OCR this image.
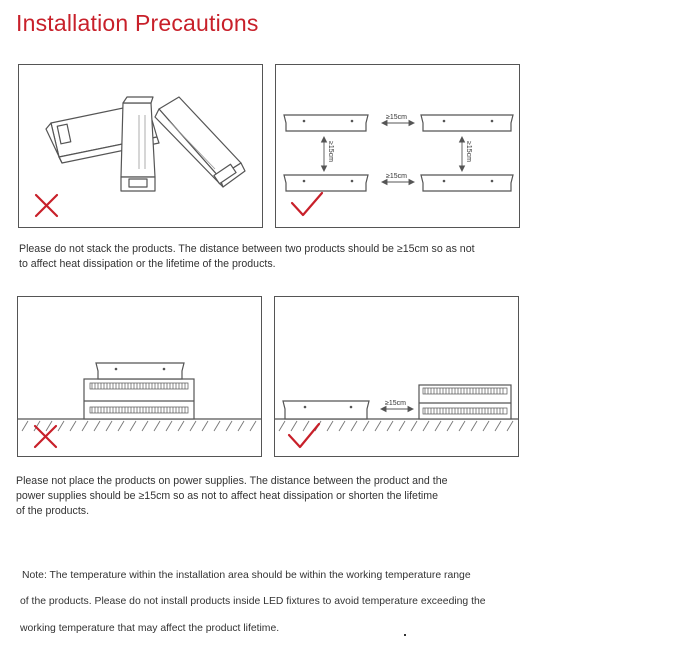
Installation Precautions
≥15cm
≥15cm
≥15cm	≥15cm

Please do not stack the products. The distance between two products should be ≥15cm so as not
to affect heat dissipation or the lifetime of the products.

≥15cm

Please not place the products on power supplies. The distance between the product and the
power supplies should be ≥15cm so as not to affect heat dissipation or shorten the lifetime
of the products.

Note: The temperature within the installation area should be within the working temperature range

of the products. Please do not install products inside LED fixtures to avoid temperature exceeding the

working temperature that may affect the product lifetime.
